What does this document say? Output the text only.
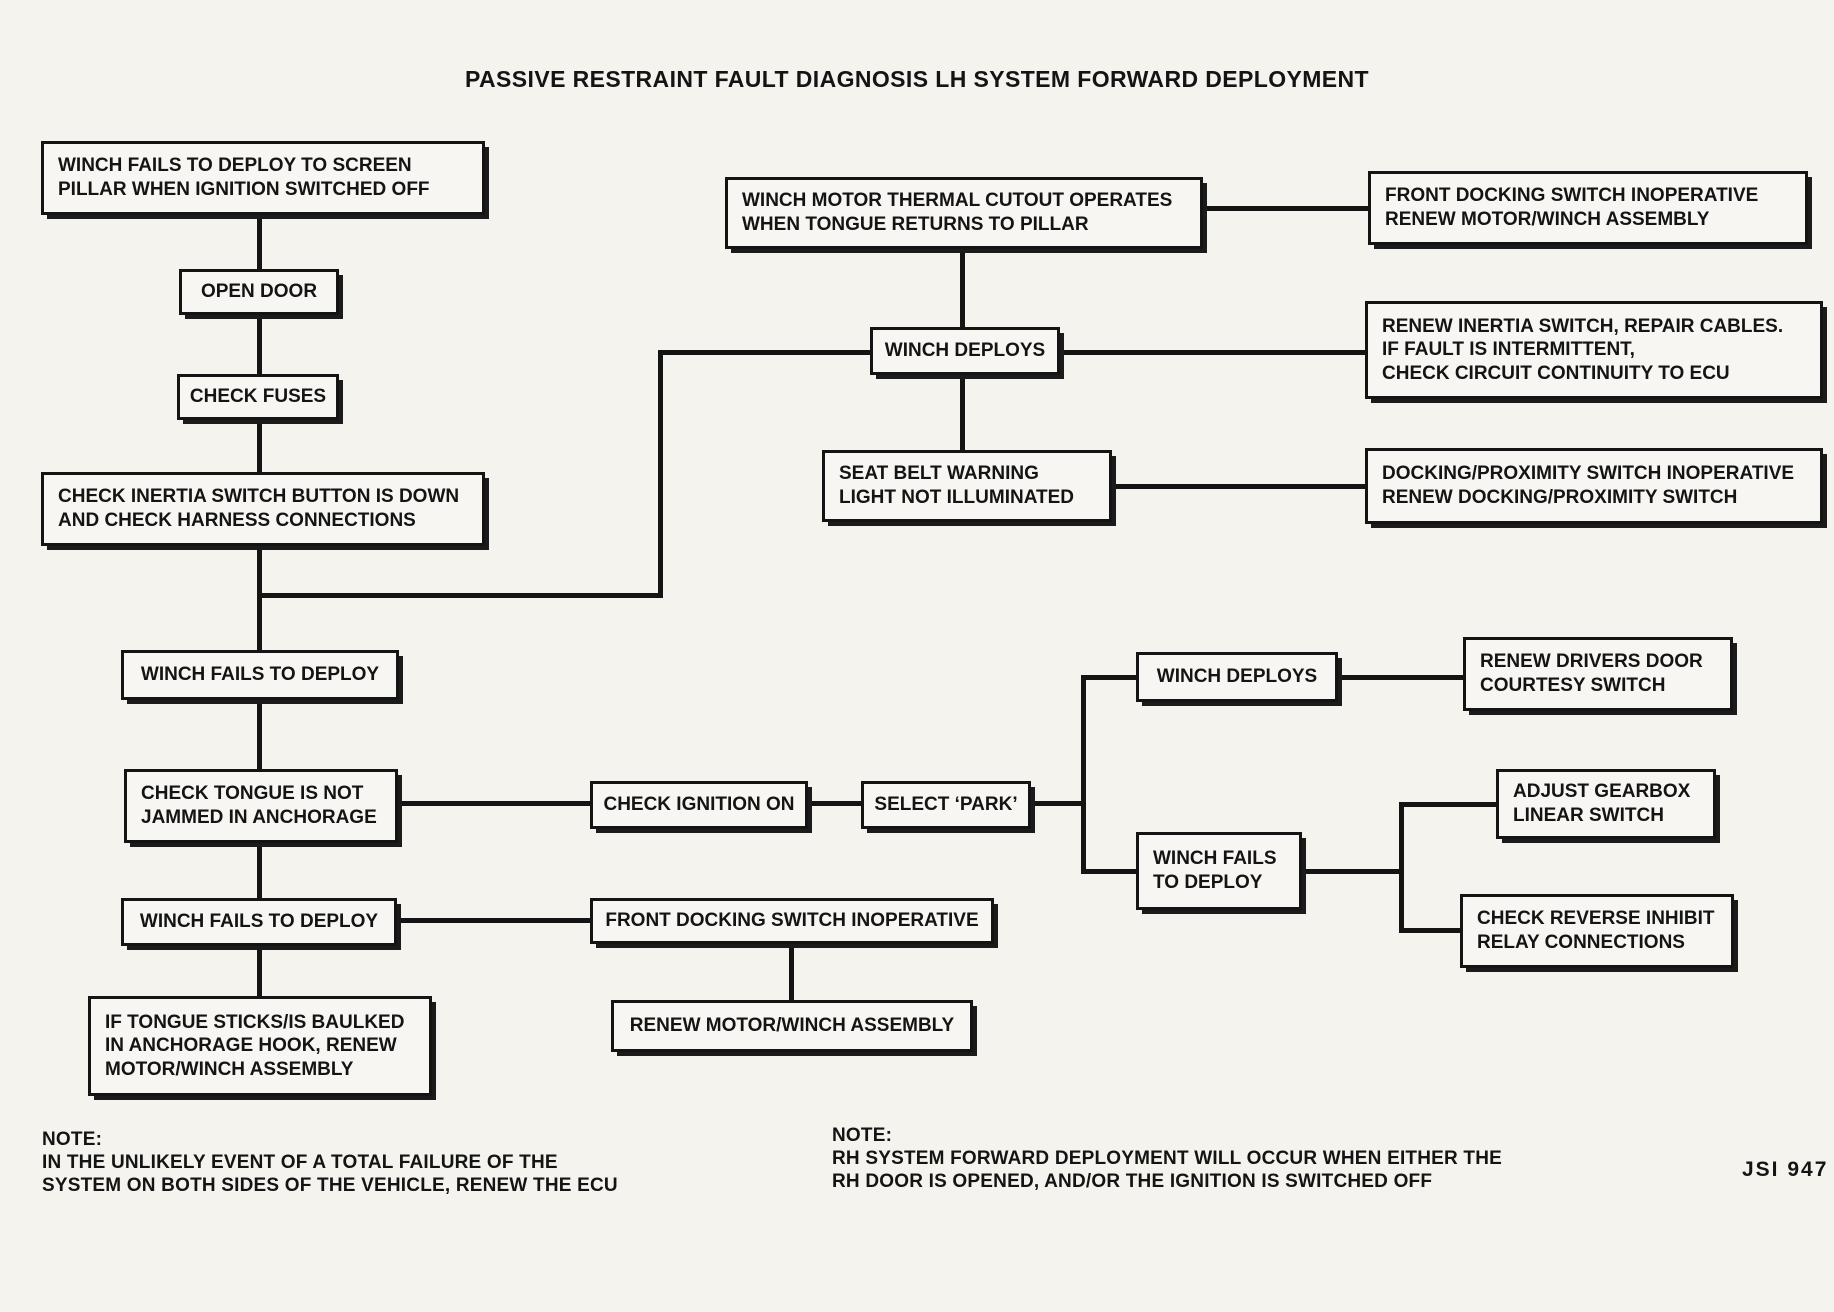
PASSIVE RESTRAINT FAULT DIAGNOSIS LH SYSTEM FORWARD DEPLOYMENT
WINCH FAILS TO DEPLOY TO SCREEN
PILLAR WHEN IGNITION SWITCHED OFF
OPEN DOOR
CHECK FUSES
CHECK INERTIA SWITCH BUTTON IS DOWN
AND CHECK HARNESS CONNECTIONS
WINCH FAILS TO DEPLOY
CHECK TONGUE IS NOT
JAMMED IN ANCHORAGE
WINCH FAILS TO DEPLOY
IF TONGUE STICKS/IS BAULKED
IN ANCHORAGE HOOK, RENEW
MOTOR/WINCH ASSEMBLY
WINCH MOTOR THERMAL CUTOUT OPERATES
WHEN TONGUE RETURNS TO PILLAR
WINCH DEPLOYS
SEAT BELT WARNING
LIGHT NOT ILLUMINATED
FRONT DOCKING SWITCH INOPERATIVE
RENEW MOTOR/WINCH ASSEMBLY
RENEW INERTIA SWITCH, REPAIR CABLES.
IF FAULT IS INTERMITTENT,
CHECK CIRCUIT CONTINUITY TO ECU
DOCKING/PROXIMITY SWITCH INOPERATIVE
RENEW DOCKING/PROXIMITY SWITCH
CHECK IGNITION ON	SELECT ‘PARK’
WINCH DEPLOYS
RENEW DRIVERS DOOR
COURTESY SWITCH
WINCH FAILS
TO DEPLOY
ADJUST GEARBOX
LINEAR SWITCH
CHECK REVERSE INHIBIT
RELAY CONNECTIONS
FRONT DOCKING SWITCH INOPERATIVE
RENEW MOTOR/WINCH ASSEMBLY
NOTE:
IN THE UNLIKELY EVENT OF A TOTAL FAILURE OF THE
SYSTEM ON BOTH SIDES OF THE VEHICLE, RENEW THE ECU
NOTE:
RH SYSTEM FORWARD DEPLOYMENT WILL OCCUR WHEN EITHER THE
RH DOOR IS OPENED, AND/OR THE IGNITION IS SWITCHED OFF
JSI 947
